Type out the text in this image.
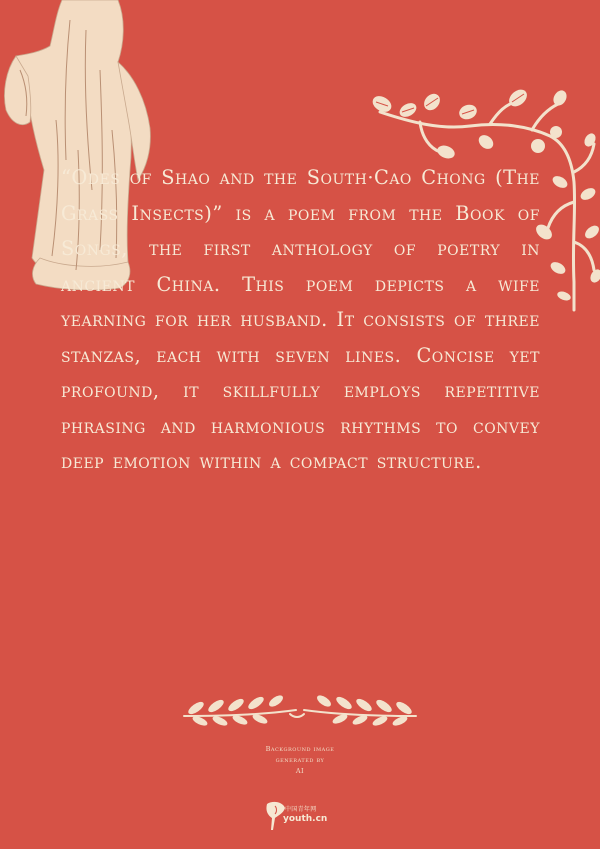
“Odes of Shao and the South·Cao Chong (The Grass Insects)” is a poem from the Book of Songs, the first anthology of poetry in ancient China. This poem depicts a wife yearning for her husband. It consists of three stanzas, each with seven lines. Concise yet profound, it skillfully employs repetitive phrasing and harmonious rhythms to convey deep emotion within a compact structure.

Background image
generated by
AI
中国青年网
youth.cn
